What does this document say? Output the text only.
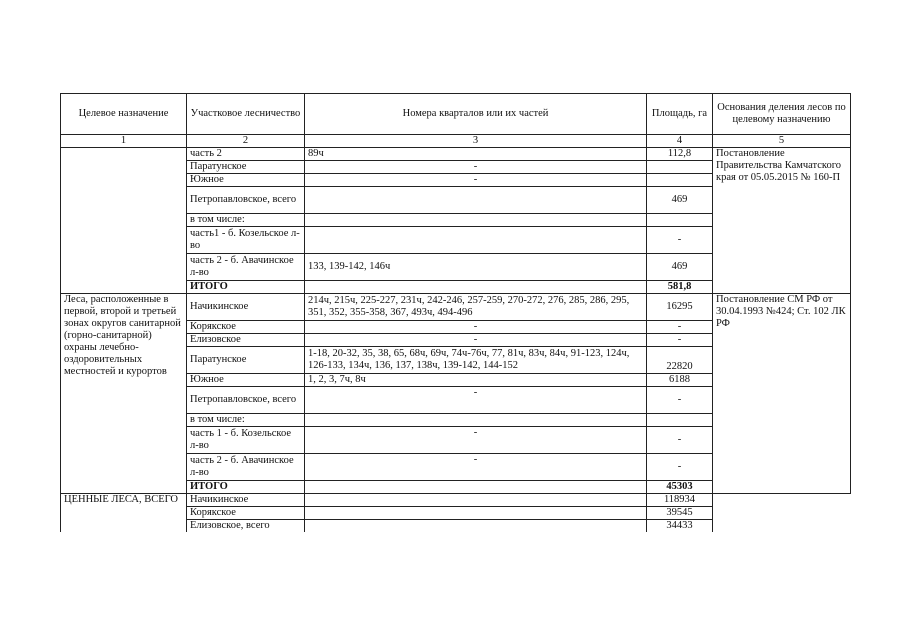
Целевое назначение	Участковое лесничество	Номера кварталов или их частей	Площадь, га	Основания деления лесов по целевому назначению
1	2	3	4	5
	часть 2	89ч	112,8	Постановление Правительства Камчатского края от 05.05.2015 № 160-П
	Паратунское	-		
	Южное	-		
	Петропавловское, всего		469	
	в том числе:			
	часть1 - б. Козельское л-во		-	
	часть 2 - б. Авачинское л-во	133, 139-142, 146ч	469	
	ИТОГО		581,8	
Леса, расположенные в первой, второй и третьей зонах округов санитарной (горно-санитарной) охраны лечебно-оздоровительных местностей и курортов	Начикинское	214ч, 215ч, 225-227, 231ч, 242-246, 257-259, 270-272, 276, 285, 286, 295, 351, 352, 355-358, 367, 493ч, 494-496	16295	Постановление СМ РФ от 30.04.1993 №424; Ст. 102 ЛК РФ
	Корякское	-	-	
	Елизовское	-	-	
	Паратунское	1-18, 20-32, 35, 38, 65, 68ч, 69ч, 74ч-76ч, 77, 81ч, 83ч, 84ч, 91-123, 124ч, 126-133, 134ч, 136, 137, 138ч, 139-142, 144-152	22820	
	Южное	1, 2, 3, 7ч, 8ч	6188	
	Петропавловское, всего	-	-	
	в том числе:			
	часть 1 - б. Козельское л-во	-	-	
	часть 2 - б. Авачинское л-во	-	-	
	ИТОГО		45303	
ЦЕННЫЕ ЛЕСА, ВСЕГО	Начикинское		118934	
	Корякское		39545	
	Елизовское, всего		34433	
